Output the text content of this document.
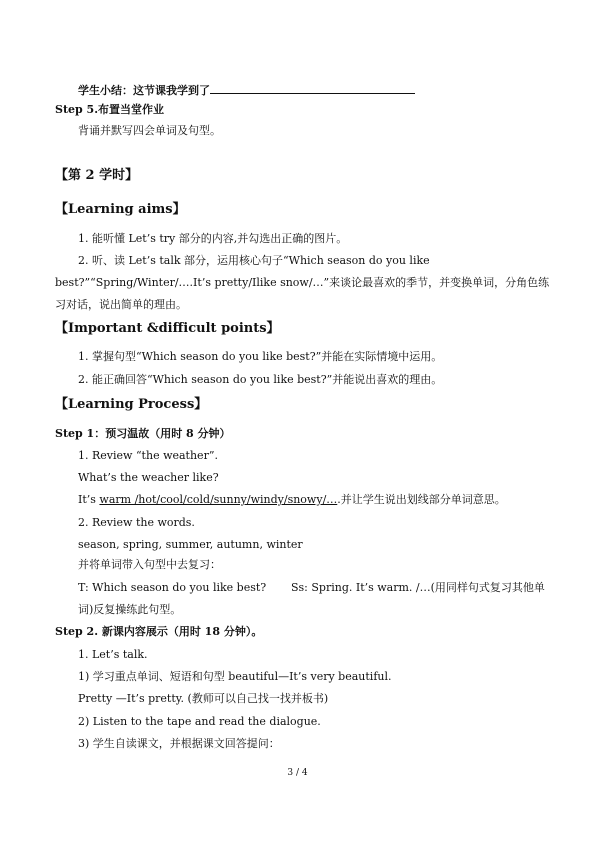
学生小结：这节课我学到了
Step 5.布置当堂作业
背诵并默写四会单词及句型。
【第 2 学时】
【Learning aims】
1. 能听懂 Let’s try 部分的内容,并勾选出正确的图片。
2. 听、读 Let’s talk 部分，运用核心句子“Which season do you like
best?”“Spring/Winter/….It’s pretty/Ilike snow/…”来谈论最喜欢的季节，并变换单词，分角色练
习对话，说出简单的理由。
【Important &difficult points】
1. 掌握句型“Which season do you like best?”并能在实际情境中运用。
2. 能正确回答“Which season do you like best?”并能说出喜欢的理由。
【Learning Process】
Step 1：预习温故（用时 8 分钟）
1. Review “the weather”.
What’s the weacher like?
It’s warm /hot/cool/cold/sunny/windy/snowy/….并让学生说出划线部分单词意思。
2. Review the words.
season, spring, summer, autumn, winter
并将单词带入句型中去复习：
T: Which season do you like best? Ss: Spring. It’s warm. /…(用同样句式复习其他单
词)反复操练此句型。
Step 2. 新课内容展示（用时 18 分钟）。
1. Let’s talk.
1) 学习重点单词、短语和句型 beautiful—It’s very beautiful.
Pretty —It’s pretty. (教师可以自己找一找并板书)
2) Listen to the tape and read the dialogue.
3) 学生自读课文，并根据课文回答提问：
3 / 4
